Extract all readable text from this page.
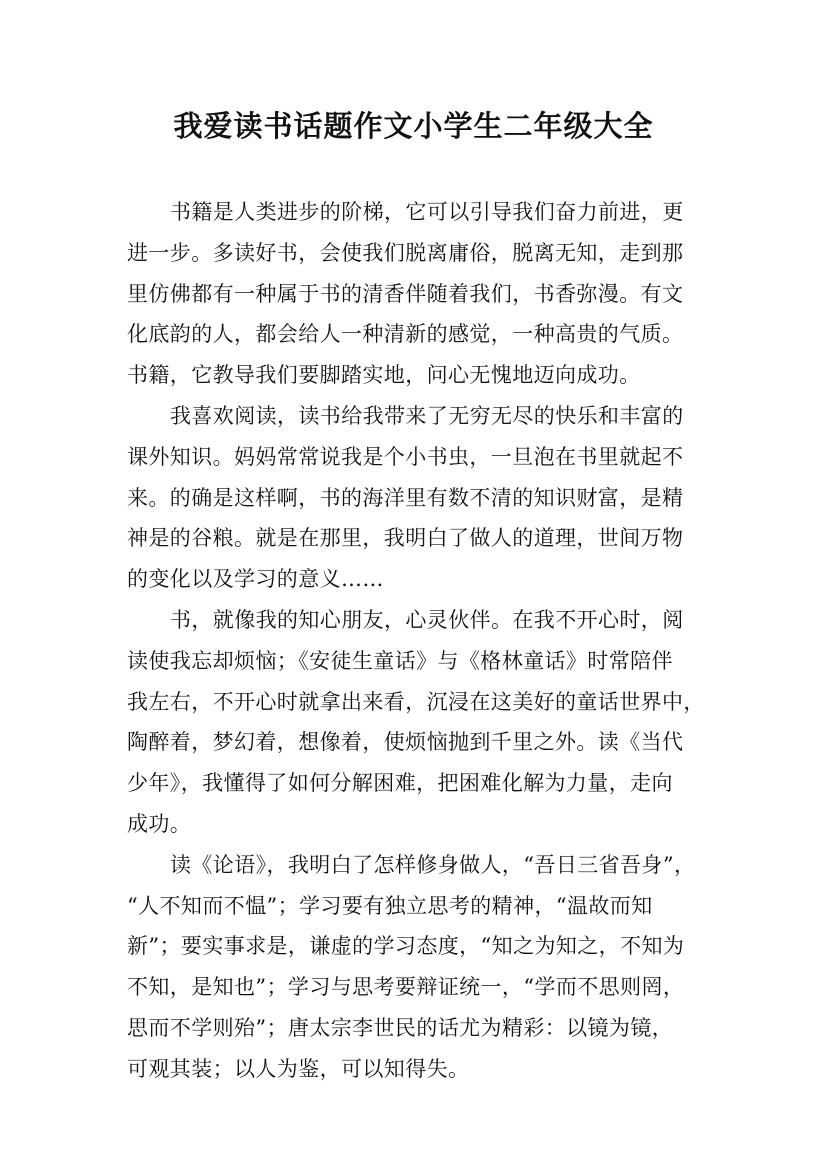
我爱读书话题作文小学生二年级大全
书籍是人类进步的阶梯，它可以引导我们奋力前进，更
进一步。多读好书，会使我们脱离庸俗，脱离无知，走到那
里仿佛都有一种属于书的清香伴随着我们，书香弥漫。有文
化底韵的人，都会给人一种清新的感觉，一种高贵的气质。
书籍，它教导我们要脚踏实地，问心无愧地迈向成功。
我喜欢阅读，读书给我带来了无穷无尽的快乐和丰富的
课外知识。妈妈常常说我是个小书虫，一旦泡在书里就起不
来。的确是这样啊，书的海洋里有数不清的知识财富，是精
神是的谷粮。就是在那里，我明白了做人的道理，世间万物
的变化以及学习的意义……
书，就像我的知心朋友，心灵伙伴。在我不开心时，阅
读使我忘却烦恼；《安徒生童话》与《格林童话》时常陪伴
我左右，不开心时就拿出来看，沉浸在这美好的童话世界中，
陶醉着，梦幻着，想像着，使烦恼抛到千里之外。读《当代
少年》，我懂得了如何分解困难，把困难化解为力量，走向
成功。
读《论语》，我明白了怎样修身做人，“吾日三省吾身”，
“人不知而不愠”；学习要有独立思考的精神，“温故而知
新”；要实事求是，谦虚的学习态度，“知之为知之，不知为
不知，是知也”；学习与思考要辩证统一，“学而不思则罔，
思而不学则殆”；唐太宗李世民的话尤为精彩：以镜为镜，
可观其装；以人为鉴，可以知得失。
